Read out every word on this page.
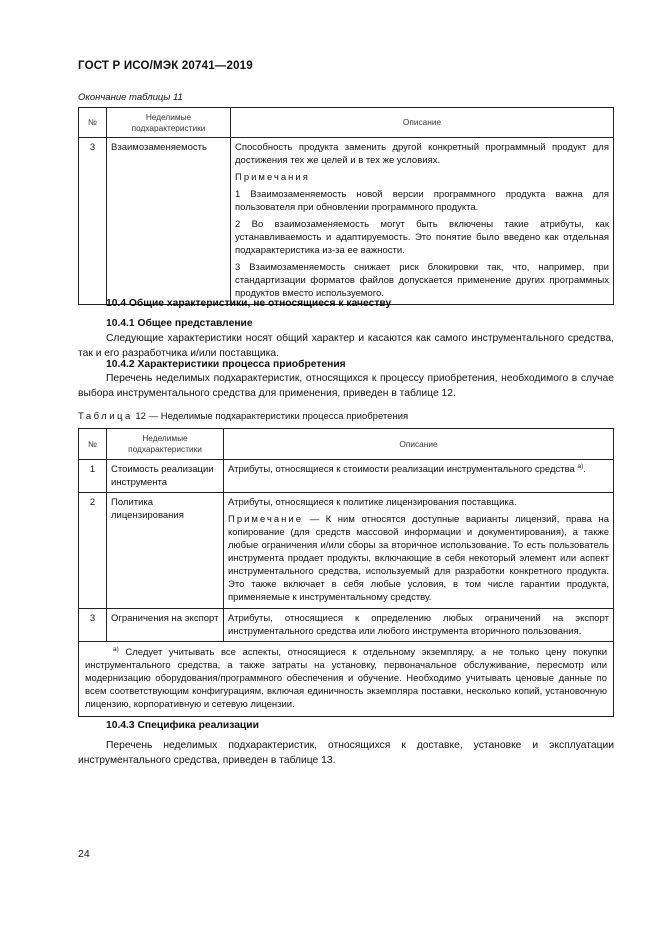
ГОСТ Р ИСО/МЭК 20741—2019
Окончание таблицы 11
№	Неделимые подхарактеристики	Описание
3	Взаимозаменяемость	Способность продукта заменить другой конкретный программный продукт для достижения тех же целей и в тех же условиях.

Примечания

1 Взаимозаменяемость новой версии программного продукта важна для пользователя при обновлении программного продукта.

2 Во взаимозаменяемость могут быть включены такие атрибуты, как устанавливаемость и адаптируемость. Это понятие было введено как отдельная подхарактеристика из-за ее важности.

3 Взаимозаменяемость снижает риск блокировки так, что, например, при стандартизации форматов файлов допускается применение других программных продуктов вместо используемого.

10.4 Общие характеристики, не относящиеся к качеству
10.4.1 Общее представление
Следующие характеристики носят общий характер и касаются как самого инструментального средства, так и его разработчика и/или поставщика.
10.4.2 Характеристики процесса приобретения
Перечень неделимых подхарактеристик, относящихся к процессу приобретения, необходимого в случае выбора инструментального средства для применения, приведен в таблице 12.
Таблица 12 — Неделимые подхарактеристики процесса приобретения
№	Неделимые подхарактеристики	Описание
1	Стоимость реализации инструмента	Атрибуты, относящиеся к стоимости реализации инструментального средства $^{а)}$.
2	Политика лицензирования	Атрибуты, относящиеся к политике лицензирования поставщика.

Примечание — К ним относятся доступные варианты лицензий, права на копирование (для средств массовой информации и документирования), а также любые ограничения и/или сборы за вторичное использование. То есть пользователь инструмента продает продукты, включающие в себя некоторый элемент или аспект инструментального средства, используемый для разработки конкретного продукта. Это также включает в себя любые условия, в том числе гарантии продукта, применяемые к инструментальному средству.

3	Ограничения на экспорт	Атрибуты, относящиеся к определению любых ограничений на экспорт инструментального средства или любого инструмента вторичного пользования.
$^{а)}$ Следует учитывать все аспекты, относящиеся к отдельному экземпляру, а не только цену покупки инструментального средства, а также затраты на установку, первоначальное обслуживание, пересмотр или модернизацию оборудования/программного обеспечения и обучение. Необходимо учитывать ценовые данные по всем соответствующим конфигурациям, включая единичность экземпляра поставки, несколько копий, установочную лицензию, корпоративную и сетевую лицензии.		
10.4.3 Специфика реализации
Перечень неделимых подхарактеристик, относящихся к доставке, установке и эксплуатации инструментального средства, приведен в таблице 13.
24
